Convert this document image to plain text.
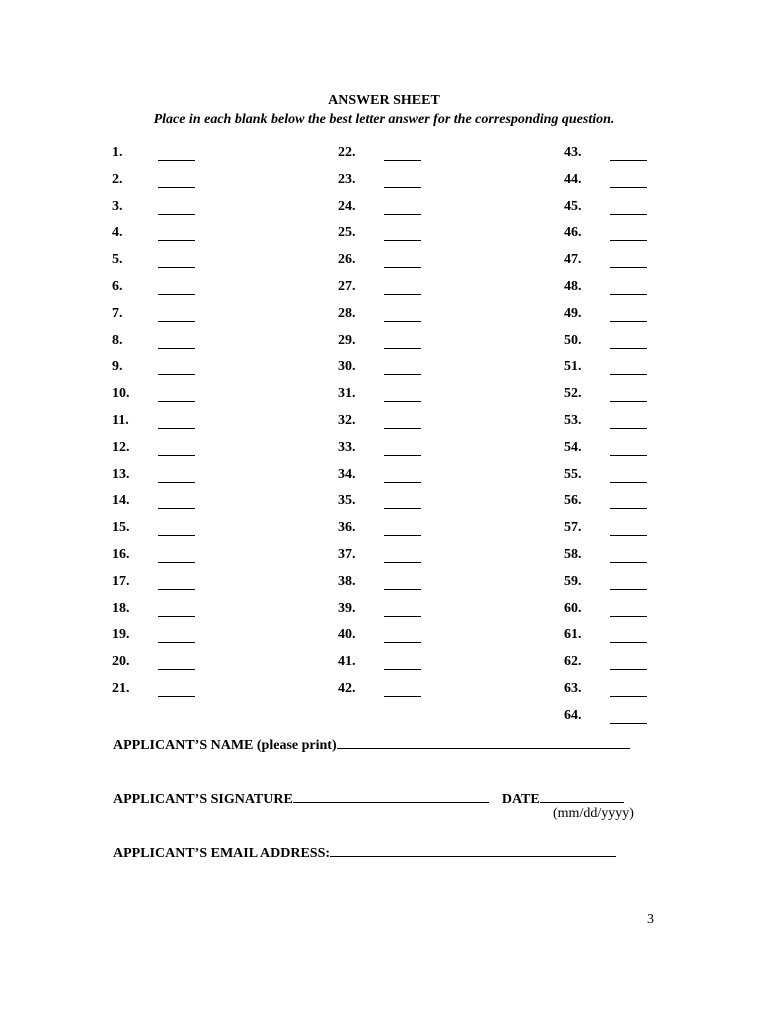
ANSWER SHEET
Place in each blank below the best letter answer for the corresponding question.
1.
2.
3.
4.
5.
6.
7.
8.
9.
10.
11.
12.
13.
14.
15.
16.
17.
18.
19.
20.
21.
22.
23.
24.
25.
26.
27.
28.
29.
30.
31.
32.
33.
34.
35.
36.
37.
38.
39.
40.
41.
42.
43.
44.
45.
46.
47.
48.
49.
50.
51.
52.
53.
54.
55.
56.
57.
58.
59.
60.
61.
62.
63.
64.
APPLICANT’S NAME (please print)
APPLICANT’S SIGNATURE	DATE
(mm/dd/yyyy)
APPLICANT’S EMAIL ADDRESS:
3
